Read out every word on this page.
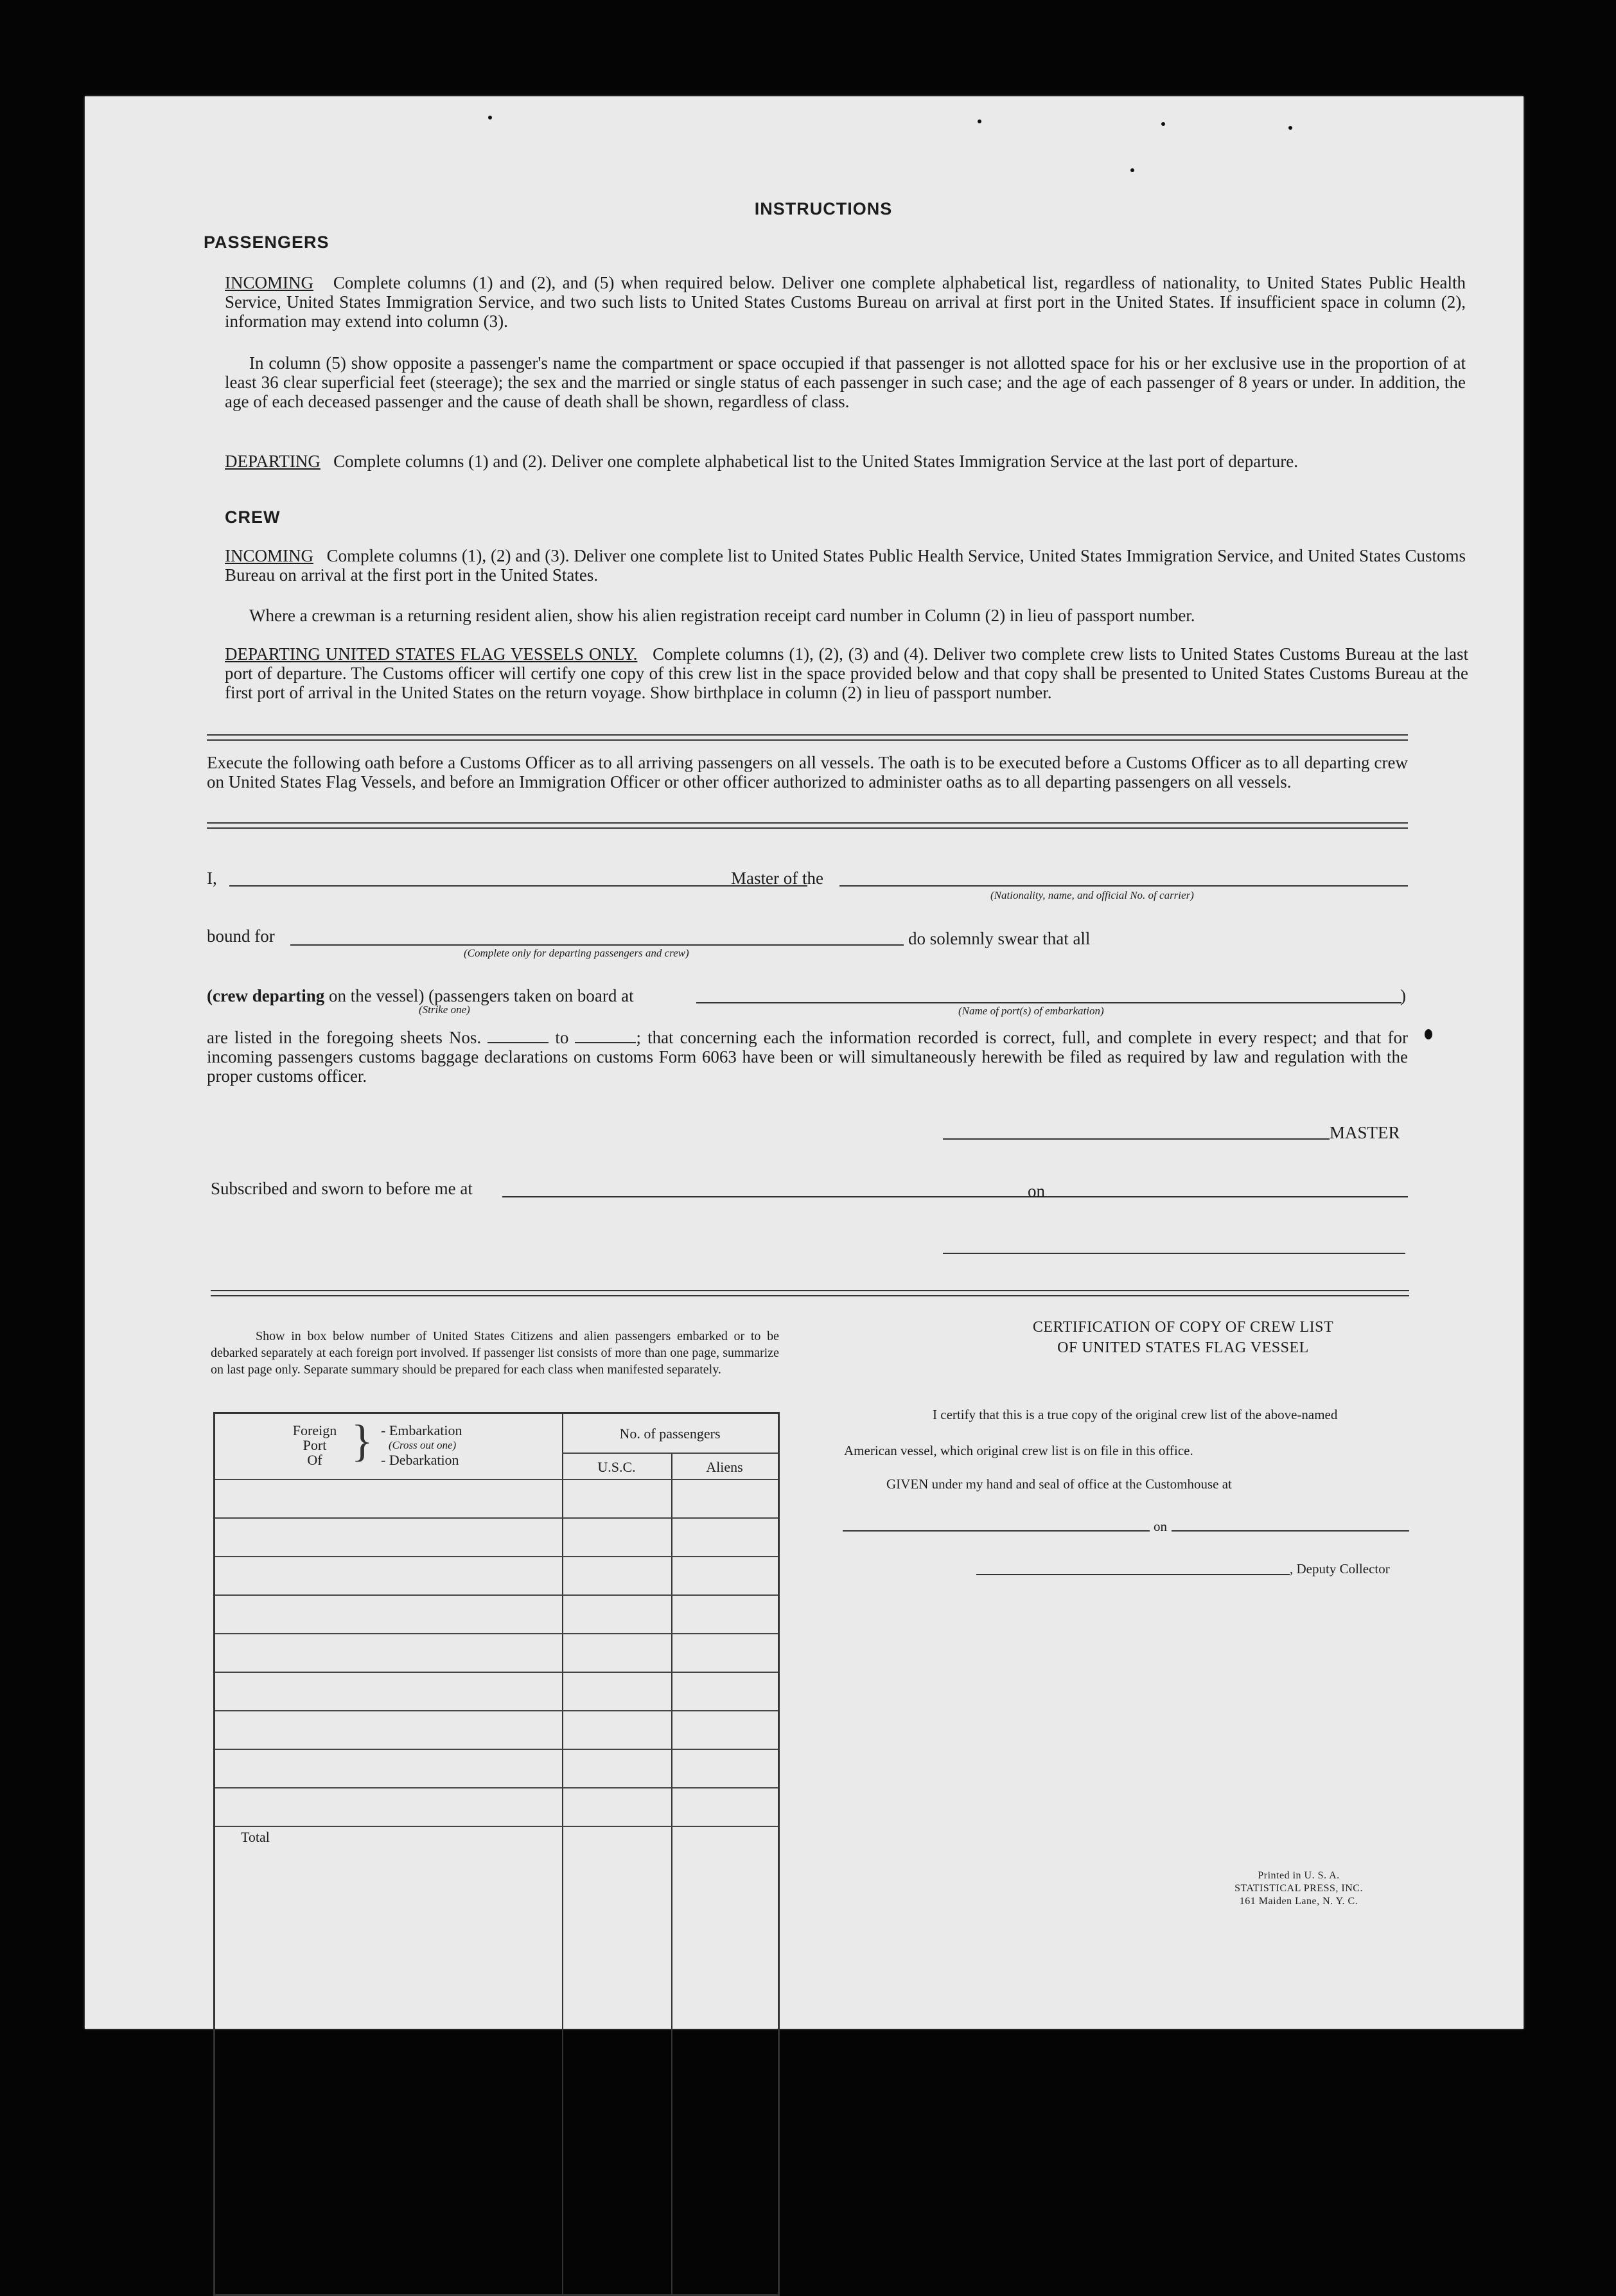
INSTRUCTIONS
PASSENGERS
INCOMING Complete columns (1) and (2), and (5) when required below. Deliver one complete alphabetical list, regardless of nationality, to United States Public Health Service, United States Immigration Service, and two such lists to United States Customs Bureau on arrival at first port in the United States. If insufficient space in column (2), information may extend into column (3).
In column (5) show opposite a passenger's name the compartment or space occupied if that passenger is not allotted space for his or her exclusive use in the proportion of at least 36 clear superficial feet (steerage); the sex and the married or single status of each passenger in such case; and the age of each passenger of 8 years or under. In addition, the age of each deceased passenger and the cause of death shall be shown, regardless of class.
DEPARTING Complete columns (1) and (2). Deliver one complete alphabetical list to the United States Immigration Service at the last port of departure.
CREW
INCOMING Complete columns (1), (2) and (3). Deliver one complete list to United States Public Health Service, United States Immigration Service, and United States Customs Bureau on arrival at the first port in the United States.
Where a crewman is a returning resident alien, show his alien registration receipt card number in Column (2) in lieu of passport number.
DEPARTING UNITED STATES FLAG VESSELS ONLY. Complete columns (1), (2), (3) and (4). Deliver two complete crew lists to United States Customs Bureau at the last port of departure. The Customs officer will certify one copy of this crew list in the space provided below and that copy shall be presented to United States Customs Bureau at the first port of arrival in the United States on the return voyage. Show birthplace in column (2) in lieu of passport number.
Execute the following oath before a Customs Officer as to all arriving passengers on all vessels. The oath is to be executed before a Customs Officer as to all departing crew on United States Flag Vessels, and before an Immigration Officer or other officer authorized to administer oaths as to all departing passengers on all vessels.
I,	Master of the
(Nationality, name, and official No. of carrier)
bound for
(Complete only for departing passengers and crew)
do solemnly swear that all
(crew departing on the vessel) (passengers taken on board at
(Strike one)
)
(Name of port(s) of embarkation)
are listed in the foregoing sheets Nos.	to	; that concerning each the information recorded is correct, full, and complete in every respect; and that for incoming passengers customs baggage declarations on customs Form 6063 have been or will simultaneously herewith be filed as required by law and regulation with the proper customs officer.
MASTER
Subscribed and sworn to before me at	on
Show in box below number of United States Citizens and alien passengers embarked or to be debarked separately at each foreign port involved. If passenger list consists of more than one page, summarize on last page only. Separate summary should be prepared for each class when manifested separately.
Foreign
Port
Of } - Embarkation
(Cross out one)
- Debarkation
No. of passengers
U.S.C.	Aliens
Total
CERTIFICATION OF COPY OF CREW LIST
OF UNITED STATES FLAG VESSEL
I certify that this is a true copy of the original crew list of the above-named
American vessel, which original crew list is on file in this office.
GIVEN under my hand and seal of office at the Customhouse at
on
, Deputy Collector
Printed in U. S. A.
STATISTICAL PRESS, INC.
161 Maiden Lane, N. Y. C.
